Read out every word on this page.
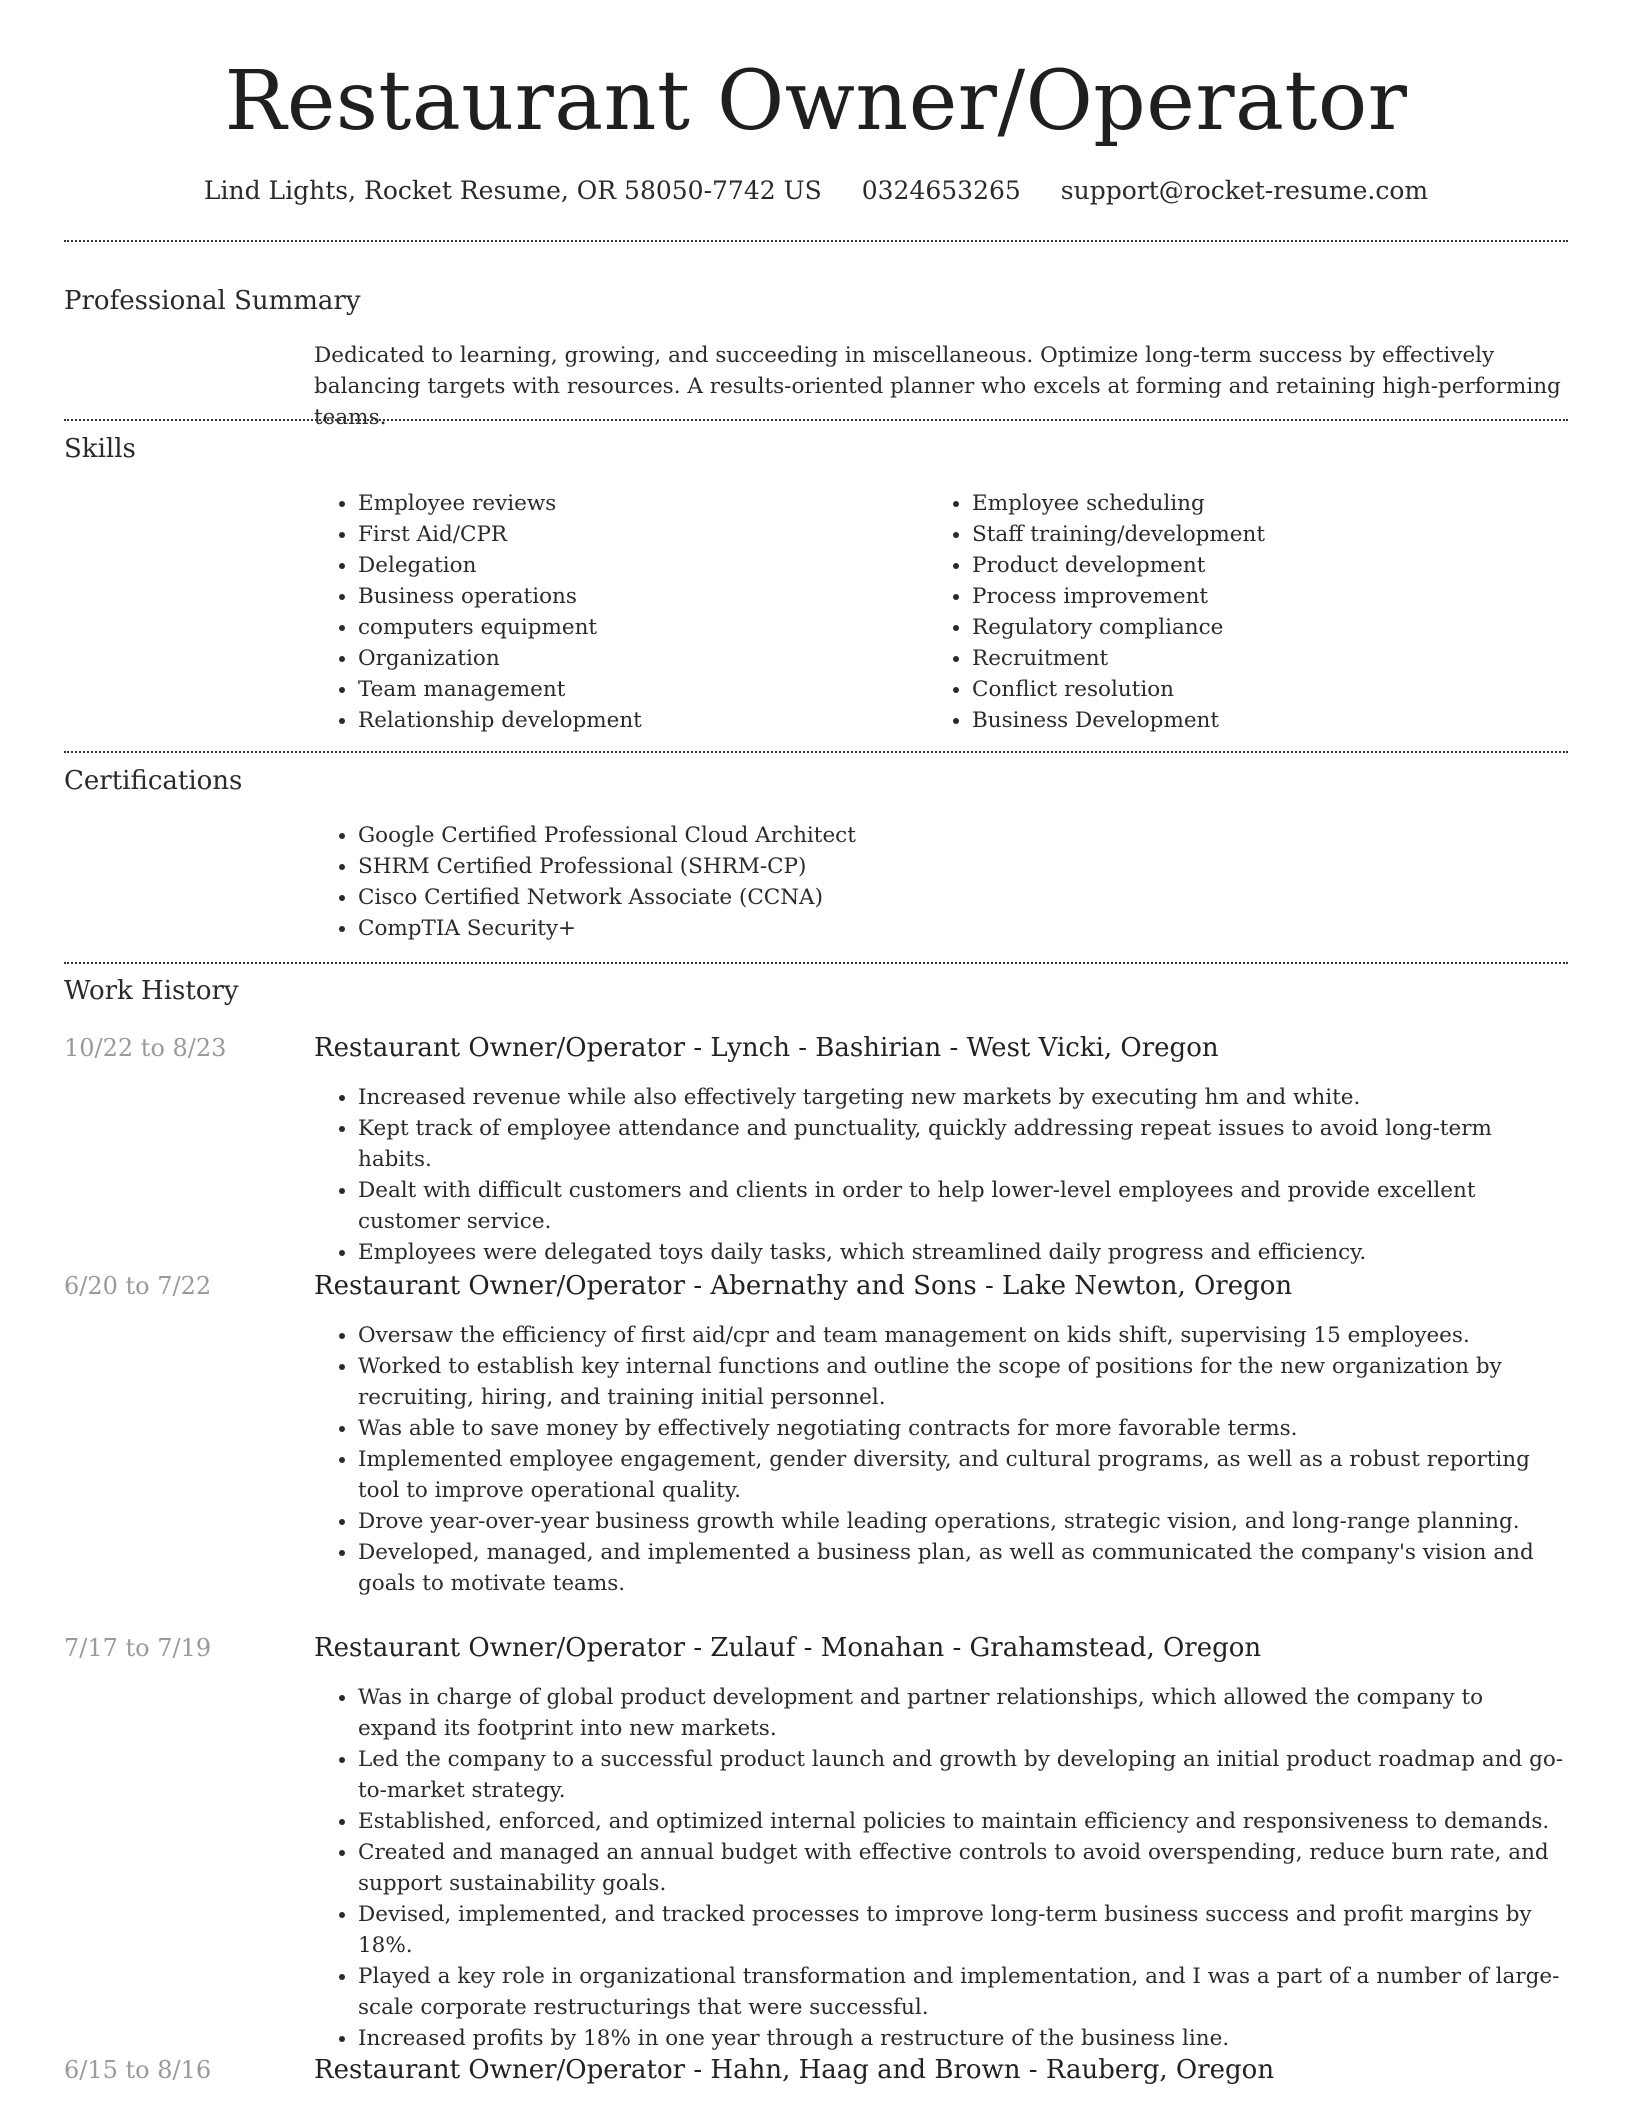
Restaurant Owner/Operator
Lind Lights, Rocket Resume, OR 58050-7742 US 0324653265 support@rocket-resume.com
Professional Summary
Dedicated to learning, growing, and succeeding in miscellaneous. Optimize long-term success by effectively balancing targets with resources. A results-oriented planner who excels at forming and retaining high-performing teams.
Skills
• Employee reviews
• First Aid/CPR
• Delegation
• Business operations
• computers equipment
• Organization
• Team management
• Relationship development
• Employee scheduling
• Staff training/development
• Product development
• Process improvement
• Regulatory compliance
• Recruitment
• Conflict resolution
• Business Development
Certifications
• Google Certified Professional Cloud Architect
• SHRM Certified Professional (SHRM-CP)
• Cisco Certified Network Associate (CCNA)
• CompTIA Security+
Work History
10/22 to 8/23	Restaurant Owner/Operator - Lynch - Bashirian - West Vicki, Oregon
• Increased revenue while also effectively targeting new markets by executing hm and white.
• Kept track of employee attendance and punctuality, quickly addressing repeat issues to avoid long-term habits.
• Dealt with difficult customers and clients in order to help lower-level employees and provide excellent customer service.
• Employees were delegated toys daily tasks, which streamlined daily progress and efficiency.
6/20 to 7/22	Restaurant Owner/Operator - Abernathy and Sons - Lake Newton, Oregon
• Oversaw the efficiency of first aid/cpr and team management on kids shift, supervising 15 employees.
• Worked to establish key internal functions and outline the scope of positions for the new organization by recruiting, hiring, and training initial personnel.
• Was able to save money by effectively negotiating contracts for more favorable terms.
• Implemented employee engagement, gender diversity, and cultural programs, as well as a robust reporting tool to improve operational quality.
• Drove year-over-year business growth while leading operations, strategic vision, and long-range planning.
• Developed, managed, and implemented a business plan, as well as communicated the company's vision and goals to motivate teams.
7/17 to 7/19	Restaurant Owner/Operator - Zulauf - Monahan - Grahamstead, Oregon
• Was in charge of global product development and partner relationships, which allowed the company to expand its footprint into new markets.
• Led the company to a successful product launch and growth by developing an initial product roadmap and go-to-market strategy.
• Established, enforced, and optimized internal policies to maintain efficiency and responsiveness to demands.
• Created and managed an annual budget with effective controls to avoid overspending, reduce burn rate, and support sustainability goals.
• Devised, implemented, and tracked processes to improve long-term business success and profit margins by 18%.
• Played a key role in organizational transformation and implementation, and I was a part of a number of large-scale corporate restructurings that were successful.
• Increased profits by 18% in one year through a restructure of the business line.
6/15 to 8/16	Restaurant Owner/Operator - Hahn, Haag and Brown - Rauberg, Oregon
